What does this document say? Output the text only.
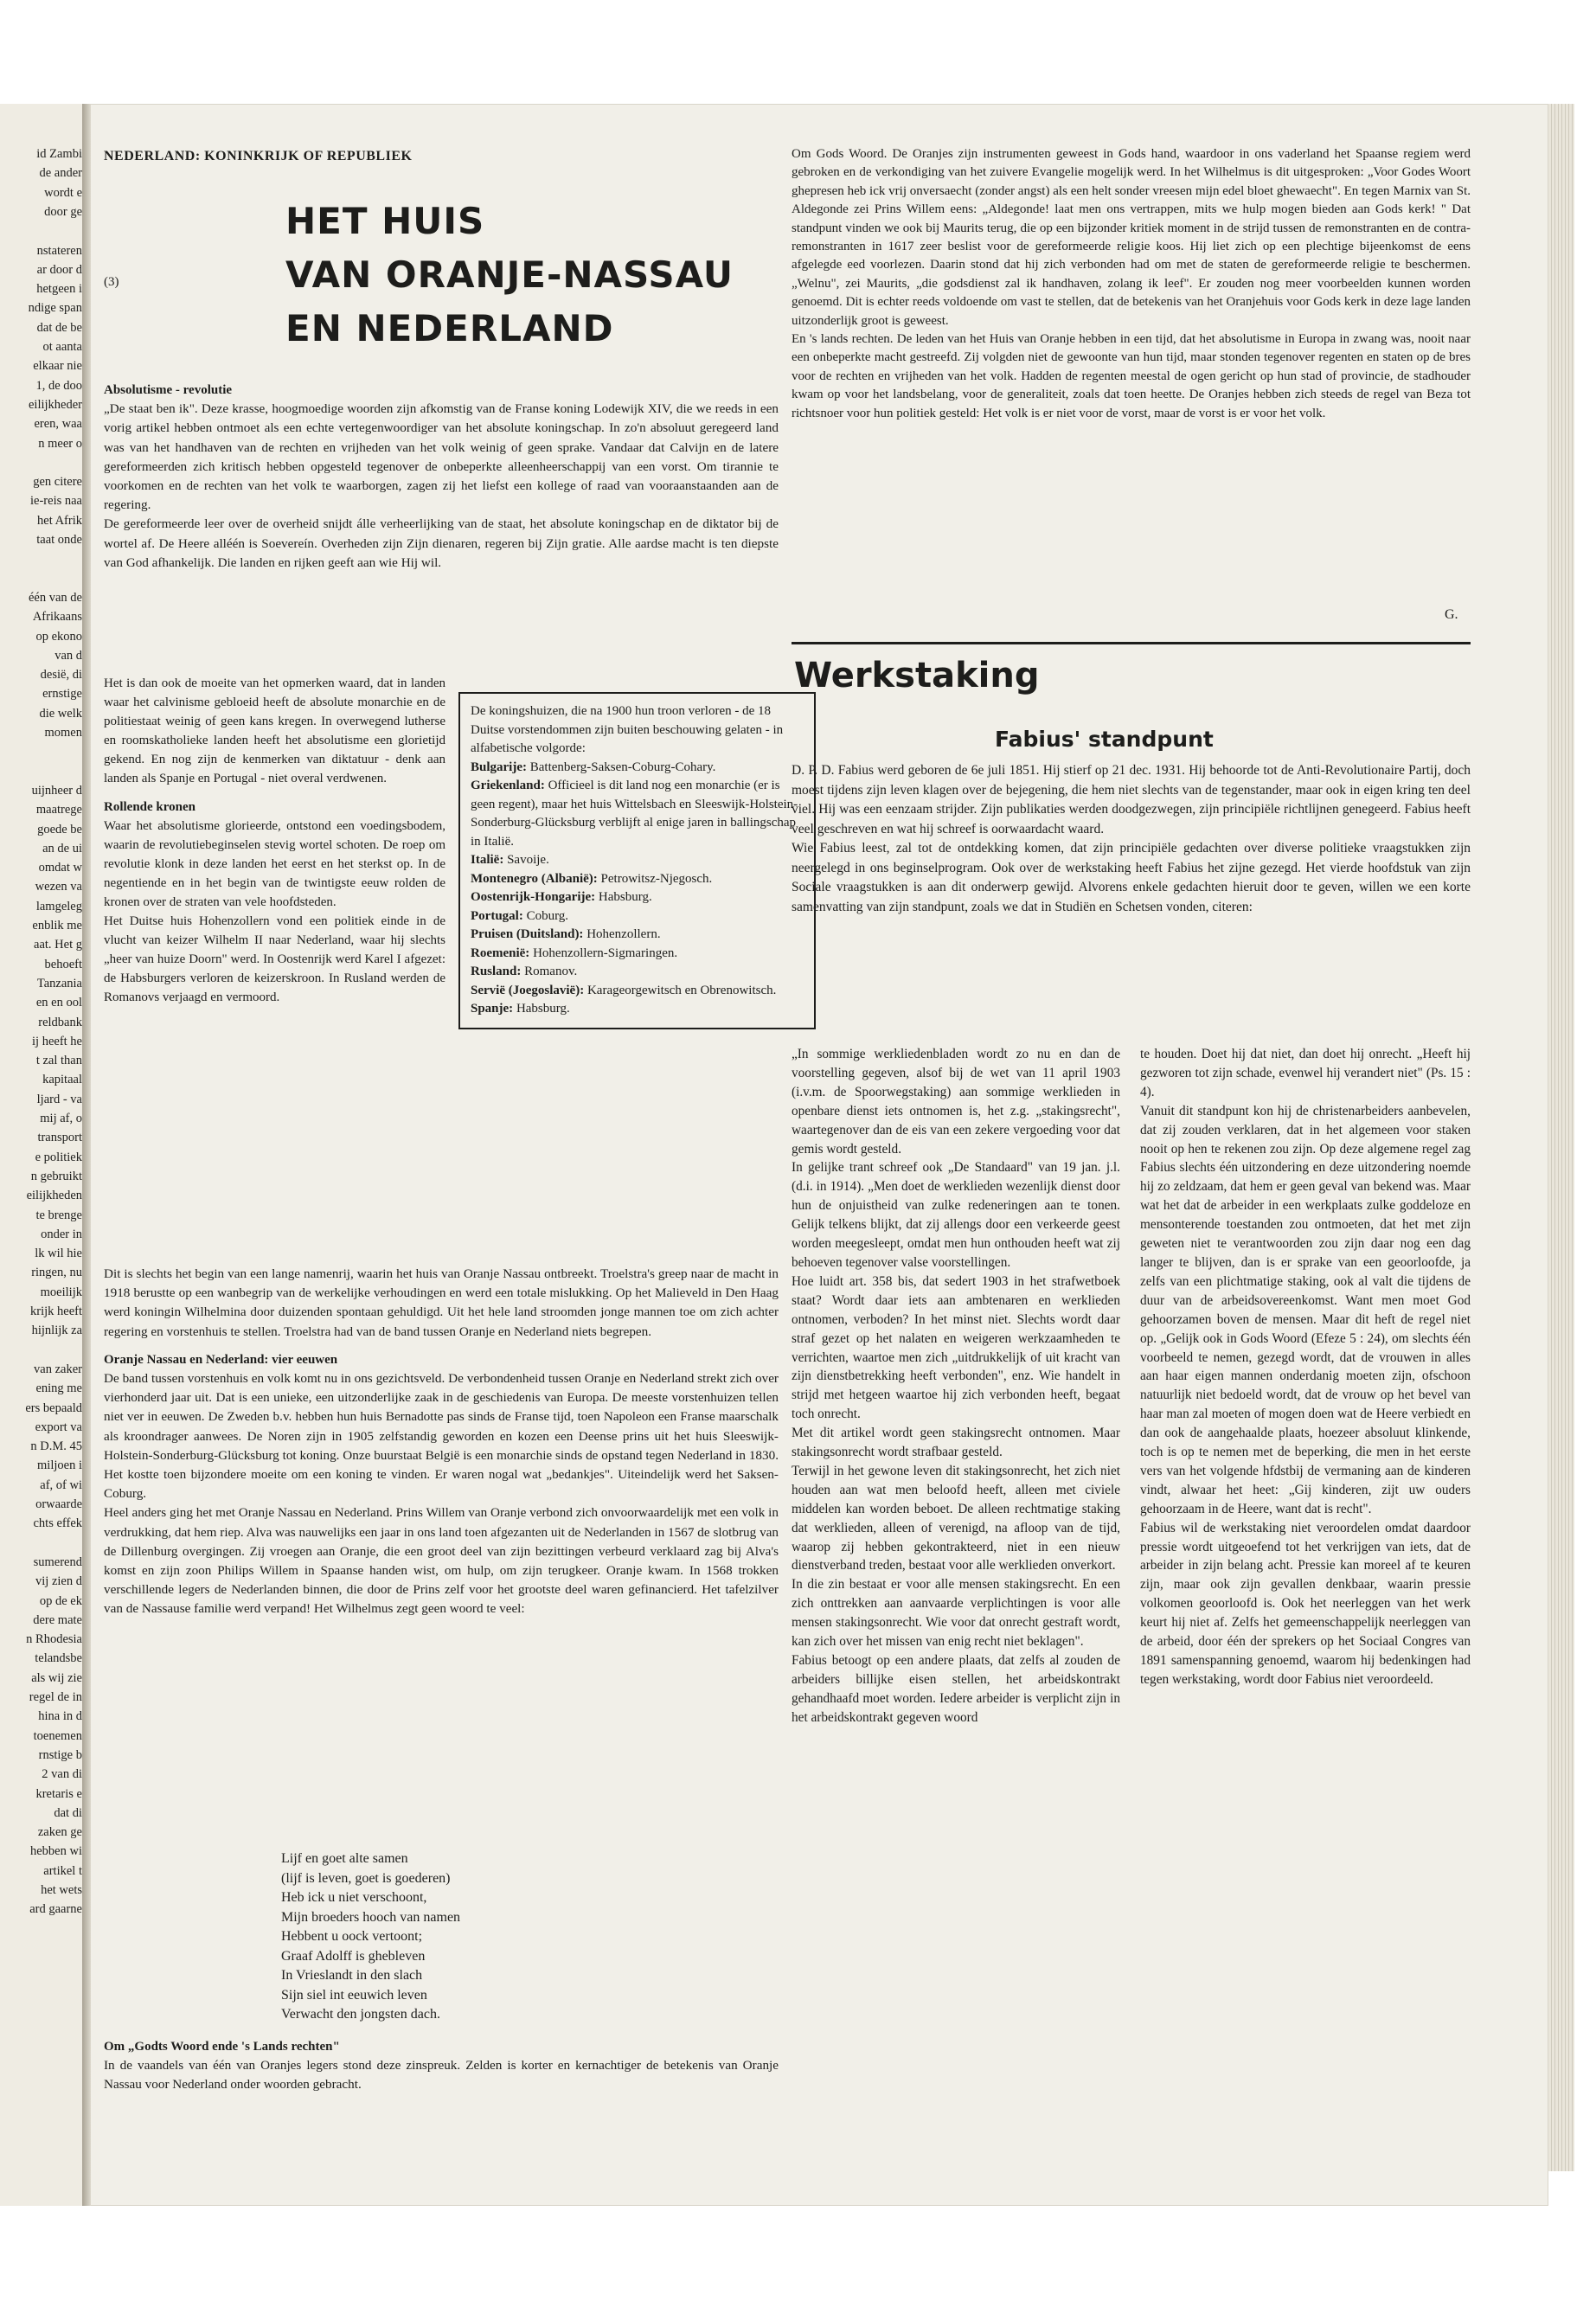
id Zambi
de ander
wordt e
door ge
nstateren
ar door d
hetgeen i
ndige span
dat de be
ot aanta
elkaar nie
1, de doo
eilijkheder
eren, waa
n meer o
gen citere
ie-reis naa
het Afrik
taat onde
één van de
Afrikaans
op ekono
van d
desië, di
ernstige
die welk
momen
uijnheer d
maatrege
goede be
an de ui
omdat w
wezen va
lamgeleg
enblik me
aat. Het g
behoeft
Tanzania
en en ool
reldbank
ij heeft he
t zal than
kapitaal
ljard - va
mij af, o
transport
e politiek
n gebruikt
eilijkheden
te brenge
onder in
lk wil hie
ringen, nu
moeilijk
krijk heeft
hijnlijk za
van zaker
ening me
ers bepaald
export va
n D.M. 45
miljoen i
af, of wi
orwaarde
chts effek
sumerend
vij zien d
op de ek
dere mate
n Rhodesia
telandsbe
als wij zie
regel de in
hina in d
toenemen
rnstige b
2 van di
kretaris e
dat di
zaken ge
hebben wi
artikel t
het wets
ard gaarne
NEDERLAND: KONINKRIJK OF REPUBLIEK
(3)
HET HUIS
VAN ORANJE-NASSAU
EN NEDERLAND

Absolutisme - revolutie

„De staat ben ik". Deze krasse, hoogmoedige woorden zijn afkomstig van de Franse koning Lodewijk XIV, die we reeds in een vorig artikel hebben ontmoet als een echte vertegenwoordiger van het absolute koningschap. In zo'n absoluut geregeerd land was van het handhaven van de rechten en vrijheden van het volk weinig of geen sprake. Vandaar dat Calvijn en de latere gereformeerden zich kritisch hebben opgesteld tegenover de onbeperkte alleenheerschappij van een vorst. Om tirannie te voorkomen en de rechten van het volk te waarborgen, zagen zij het liefst een kollege of raad van vooraanstaanden aan de regering.

De gereformeerde leer over de overheid snijdt álle verheerlijking van de staat, het absolute koningschap en de diktator bij de wortel af. De Heere alléén is Soevereín. Overheden zijn Zijn dienaren, regeren bij Zijn gratie. Alle aardse macht is ten diepste van God afhankelijk. Die landen en rijken geeft aan wie Hij wil.

Het is dan ook de moeite van het opmerken waard, dat in landen waar het calvinisme gebloeid heeft de absolute monarchie en de politiestaat weinig of geen kans kregen. In overwegend lutherse en roomskatholieke landen heeft het absolutisme een glorietijd gekend. En nog zijn de kenmerken van diktatuur - denk aan landen als Spanje en Portugal - niet overal verdwenen.

Rollende kronen

Waar het absolutisme glorieerde, ontstond een voedingsbodem, waarin de revolutiebeginselen stevig wortel schoten. De roep om revolutie klonk in deze landen het eerst en het sterkst op. In de negentiende en in het begin van de twintigste eeuw rolden de kronen over de straten van vele hoofdsteden.

Het Duitse huis Hohenzollern vond een politiek einde in de vlucht van keizer Wilhelm II naar Nederland, waar hij slechts „heer van huize Doorn" werd. In Oostenrijk werd Karel I afgezet: de Habsburgers verloren de keizerskroon. In Rusland werden de Romanovs verjaagd en vermoord.

De koningshuizen, die na 1900 hun troon verloren - de 18 Duitse vorstendommen zijn buiten beschouwing gelaten - in alfabetische volgorde:

Bulgarije: Battenberg-Saksen-Coburg-Cohary.

Griekenland: Officieel is dit land nog een monarchie (er is geen regent), maar het huis Wittelsbach en Sleeswijk-Holstein-Sonderburg-Glücksburg verblijft al enige jaren in ballingschap in Italië.

Italië: Savoije.

Montenegro (Albanië): Petrowitsz-Njegosch.

Oostenrijk-Hongarije: Habsburg.

Portugal: Coburg.

Pruisen (Duitsland): Hohenzollern.

Roemenië: Hohenzollern-Sigmaringen.

Rusland: Romanov.

Servië (Joegoslavië): Karageorgewitsch en Obrenowitsch.

Spanje: Habsburg.

Dit is slechts het begin van een lange namenrij, waarin het huis van Oranje Nassau ontbreekt. Troelstra's greep naar de macht in 1918 berustte op een wanbegrip van de werkelijke verhoudingen en werd een totale mislukking. Op het Malieveld in Den Haag werd koningin Wilhelmina door duizenden spontaan gehuldigd. Uit het hele land stroomden jonge mannen toe om zich achter regering en vorstenhuis te stellen. Troelstra had van de band tussen Oranje en Nederland niets begrepen.

Oranje Nassau en Nederland: vier eeuwen

De band tussen vorstenhuis en volk komt nu in ons gezichtsveld. De verbondenheid tussen Oranje en Nederland strekt zich over vierhonderd jaar uit. Dat is een unieke, een uitzonderlijke zaak in de geschiedenis van Europa. De meeste vorstenhuizen tellen niet ver in eeuwen. De Zweden b.v. hebben hun huis Bernadotte pas sinds de Franse tijd, toen Napoleon een Franse maarschalk als kroondrager aanwees. De Noren zijn in 1905 zelfstandig geworden en kozen een Deense prins uit het huis Sleeswijk-Holstein-Sonderburg-Glücksburg tot koning. Onze buurstaat België is een monarchie sinds de opstand tegen Nederland in 1830. Het kostte toen bijzondere moeite om een koning te vinden. Er waren nogal wat „bedankjes". Uiteindelijk werd het Saksen-Coburg.

Heel anders ging het met Oranje Nassau en Nederland. Prins Willem van Oranje verbond zich onvoorwaardelijk met een volk in verdrukking, dat hem riep. Alva was nauwelijks een jaar in ons land toen afgezanten uit de Nederlanden in 1567 de slotbrug van de Dillenburg overgingen. Zij vroegen aan Oranje, die een groot deel van zijn bezittingen verbeurd verklaard zag bij Alva's komst en zijn zoon Philips Willem in Spaanse handen wist, om hulp, om zijn terugkeer. Oranje kwam. In 1568 trokken verschillende legers de Nederlanden binnen, die door de Prins zelf voor het grootste deel waren gefinancierd. Het tafelzilver van de Nassause familie werd verpand! Het Wilhelmus zegt geen woord te veel:

Lijf en goet alte samen
(lijf is leven, goet is goederen)
Heb ick u niet verschoont,
Mijn broeders hooch van namen
Hebbent u oock vertoont;
Graaf Adolff is ghebleven
In Vrieslandt in den slach
Sijn siel int eeuwich leven
Verwacht den jongsten dach.

Om „Godts Woord ende 's Lands rechten"

In de vaandels van één van Oranjes legers stond deze zinspreuk. Zelden is korter en kernachtiger de betekenis van Oranje Nassau voor Nederland onder woorden gebracht.

Om Gods Woord. De Oranjes zijn instrumenten geweest in Gods hand, waardoor in ons vaderland het Spaanse regiem werd gebroken en de verkondiging van het zuivere Evangelie mogelijk werd. In het Wilhelmus is dit uitgesproken: „Voor Godes Woort ghepresen heb ick vrij onversaecht (zonder angst) als een helt sonder vreesen mijn edel bloet ghewaecht". En tegen Marnix van St. Aldegonde zei Prins Willem eens: „Aldegonde! laat men ons vertrappen, mits we hulp mogen bieden aan Gods kerk! " Dat standpunt vinden we ook bij Maurits terug, die op een bijzonder kritiek moment in de strijd tussen de remonstranten en de contra-remonstranten in 1617 zeer beslist voor de gereformeerde religie koos. Hij liet zich op een plechtige bijeenkomst de eens afgelegde eed voorlezen. Daarin stond dat hij zich verbonden had om met de staten de gereformeerde religie te beschermen. „Welnu", zei Maurits, „die godsdienst zal ik handhaven, zolang ik leef". Er zouden nog meer voorbeelden kunnen worden genoemd. Dit is echter reeds voldoende om vast te stellen, dat de betekenis van het Oranjehuis voor Gods kerk in deze lage landen uitzonderlijk groot is geweest.

En 's lands rechten. De leden van het Huis van Oranje hebben in een tijd, dat het absolutisme in Europa in zwang was, nooit naar een onbeperkte macht gestreefd. Zij volgden niet de gewoonte van hun tijd, maar stonden tegenover regenten en staten op de bres voor de rechten en vrijheden van het volk. Hadden de regenten meestal de ogen gericht op hun stad of provincie, de stadhouder kwam op voor het landsbelang, voor de generaliteit, zoals dat toen heette. De Oranjes hebben zich steeds de regel van Beza tot richtsnoer voor hun politiek gesteld: Het volk is er niet voor de vorst, maar de vorst is er voor het volk.

G.
Werkstaking
Fabius' standpunt

D. P. D. Fabius werd geboren de 6e juli 1851. Hij stierf op 21 dec. 1931. Hij behoorde tot de Anti-Revolutionaire Partij, doch moest tijdens zijn leven klagen over de bejegening, die hem niet slechts van de tegenstander, maar ook in eigen kring ten deel viel. Hij was een eenzaam strijder. Zijn publikaties werden doodgezwegen, zijn principiële richtlijnen genegeerd. Fabius heeft veel geschreven en wat hij schreef is oorwaardacht waard.

Wie Fabius leest, zal tot de ontdekking komen, dat zijn principiële gedachten over diverse politieke vraagstukken zijn neergelegd in ons beginselprogram. Ook over de werkstaking heeft Fabius het zijne gezegd. Het vierde hoofdstuk van zijn Sociale vraagstukken is aan dit onderwerp gewijd. Alvorens enkele gedachten hieruit door te geven, willen we een korte samenvatting van zijn standpunt, zoals we dat in Studiën en Schetsen vonden, citeren:

„In sommige werkliedenbladen wordt zo nu en dan de voorstelling gegeven, alsof bij de wet van 11 april 1903 (i.v.m. de Spoorwegstaking) aan sommige werklieden in openbare dienst iets ontnomen is, het z.g. „stakingsrecht", waartegenover dan de eis van een zekere vergoeding voor dat gemis wordt gesteld.

In gelijke trant schreef ook „De Standaard" van 19 jan. j.l. (d.i. in 1914). „Men doet de werklieden wezenlijk dienst door hun de onjuistheid van zulke redeneringen aan te tonen. Gelijk telkens blijkt, dat zij allengs door een verkeerde geest worden meegesleept, omdat men hun onthouden heeft wat zij behoeven tegenover valse voorstellingen.

Hoe luidt art. 358 bis, dat sedert 1903 in het strafwetboek staat? Wordt daar iets aan ambtenaren en werklieden ontnomen, verboden? In het minst niet. Slechts wordt daar straf gezet op het nalaten en weigeren werkzaamheden te verrichten, waartoe men zich „uitdrukkelijk of uit kracht van zijn dienstbetrekking heeft verbonden", enz. Wie handelt in strijd met hetgeen waartoe hij zich verbonden heeft, begaat toch onrecht.

Met dit artikel wordt geen stakingsrecht ontnomen. Maar stakingsonrecht wordt strafbaar gesteld.

Terwijl in het gewone leven dit stakingsonrecht, het zich niet houden aan wat men beloofd heeft, alleen met civiele middelen kan worden beboet. De alleen rechtmatige staking dat werklieden, alleen of verenigd, na afloop van de tijd, waarop zij hebben gekontrakteerd, niet in een nieuw dienstverband treden, bestaat voor alle werklieden onverkort.

In die zin bestaat er voor alle mensen stakingsrecht. En een zich onttrekken aan aanvaarde verplichtingen is voor alle mensen stakingsonrecht. Wie voor dat onrecht gestraft wordt, kan zich over het missen van enig recht niet beklagen".

Fabius betoogt op een andere plaats, dat zelfs al zouden de arbeiders billijke eisen stellen, het arbeidskontrakt gehandhaafd moet worden. Iedere arbeider is verplicht zijn in het arbeidskontrakt gegeven woord

te houden. Doet hij dat niet, dan doet hij onrecht. „Heeft hij gezworen tot zijn schade, evenwel hij verandert niet" (Ps. 15 : 4).

Vanuit dit standpunt kon hij de christenarbeiders aanbevelen, dat zij zouden verklaren, dat in het algemeen voor staken nooit op hen te rekenen zou zijn. Op deze algemene regel zag Fabius slechts één uitzondering en deze uitzondering noemde hij zo zeldzaam, dat hem er geen geval van bekend was. Maar wat het dat de arbeider in een werkplaats zulke goddeloze en mensonterende toestanden zou ontmoeten, dat het met zijn geweten niet te verantwoorden zou zijn daar nog een dag langer te blijven, dan is er sprake van een geoorloofde, ja zelfs van een plichtmatige staking, ook al valt die tijdens de duur van de arbeidsovereenkomst. Want men moet God gehoorzamen boven de mensen. Maar dit heft de regel niet op. „Gelijk ook in Gods Woord (Efeze 5 : 24), om slechts één voorbeeld te nemen, gezegd wordt, dat de vrouwen in alles aan haar eigen mannen onderdanig moeten zijn, ofschoon natuurlijk niet bedoeld wordt, dat de vrouw op het bevel van haar man zal moeten of mogen doen wat de Heere verbiedt en dan ook de aangehaalde plaats, hoezeer absoluut klinkende, toch is op te nemen met de beperking, die men in het eerste vers van het volgende hfdstbij de vermaning aan de kinderen vindt, alwaar het heet: „Gij kinderen, zijt uw ouders gehoorzaam in de Heere, want dat is recht".

Fabius wil de werkstaking niet veroordelen omdat daardoor pressie wordt uitgeoefend tot het verkrijgen van iets, dat de arbeider in zijn belang acht. Pressie kan moreel af te keuren zijn, maar ook zijn gevallen denkbaar, waarin pressie volkomen geoorloofd is. Ook het neerleggen van het werk keurt hij niet af. Zelfs het gemeenschappelijk neerleggen van de arbeid, door één der sprekers op het Sociaal Congres van 1891 samenspanning genoemd, waarom hij bedenkingen had tegen werkstaking, wordt door Fabius niet veroordeeld.
